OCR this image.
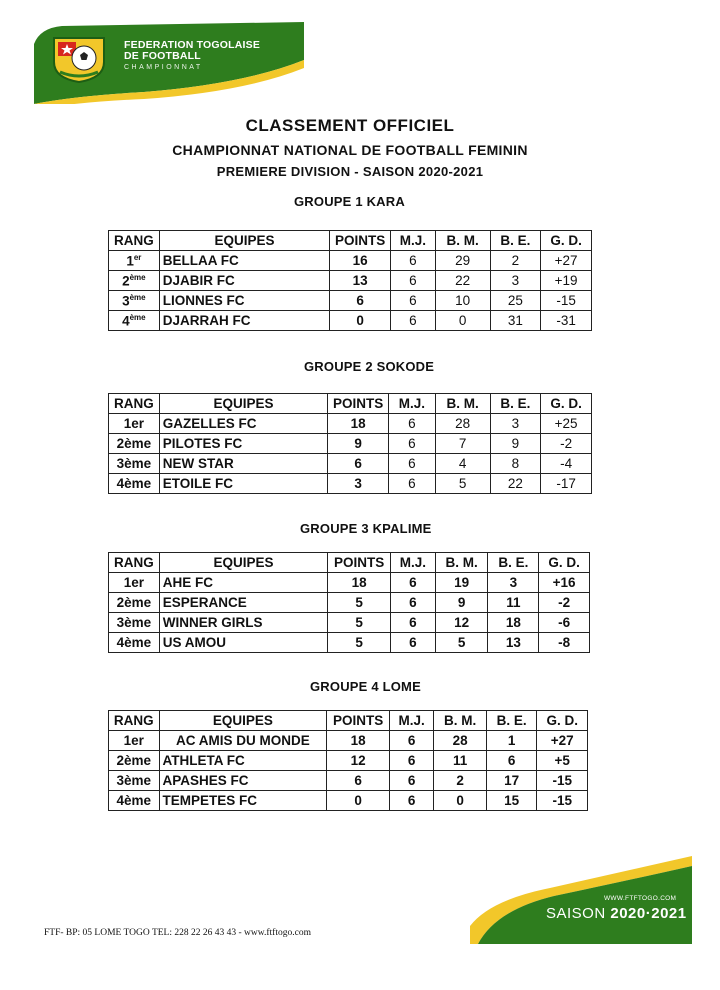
FEDERATION TOGOLAISE
DE FOOTBALL
CHAMPIONNAT
CLASSEMENT OFFICIEL
CHAMPIONNAT NATIONAL DE FOOTBALL FEMININ
PREMIERE DIVISION - SAISON 2020-2021
GROUPE 1 KARA
RANG	EQUIPES	POINTS	M.J.	B. M.	B. E.	G. D.
1er	BELLAA FC	16	6	29	2	+27
2ème	DJABIR FC	13	6	22	3	+19
3ème	LIONNES FC	6	6	10	25	-15
4ème	DJARRAH FC	0	6	0	31	-31
GROUPE 2 SOKODE
RANG	EQUIPES	POINTS	M.J.	B. M.	B. E.	G. D.
1er	GAZELLES FC	18	6	28	3	+25
2ème	PILOTES FC	9	6	7	9	-2
3ème	NEW STAR	6	6	4	8	-4
4ème	ETOILE FC	3	6	5	22	-17
GROUPE 3 KPALIME
RANG	EQUIPES	POINTS	M.J.	B. M.	B. E.	G. D.
1er	AHE FC	18	6	19	3	+16
2ème	ESPERANCE	5	6	9	11	-2
3ème	WINNER GIRLS	5	6	12	18	-6
4ème	US AMOU	5	6	5	13	-8
GROUPE 4 LOME
RANG	EQUIPES	POINTS	M.J.	B. M.	B. E.	G. D.
1er	AC AMIS DU MONDE	18	6	28	1	+27
2ème	ATHLETA FC	12	6	11	6	+5
3ème	APASHES FC	6	6	2	17	-15
4ème	TEMPETES FC	0	6	0	15	-15
FTF- BP: 05 LOME TOGO TEL: 228 22 26 43 43 - www.ftftogo.com
WWW.FTFTOGO.COM
SAISON 2020·2021
